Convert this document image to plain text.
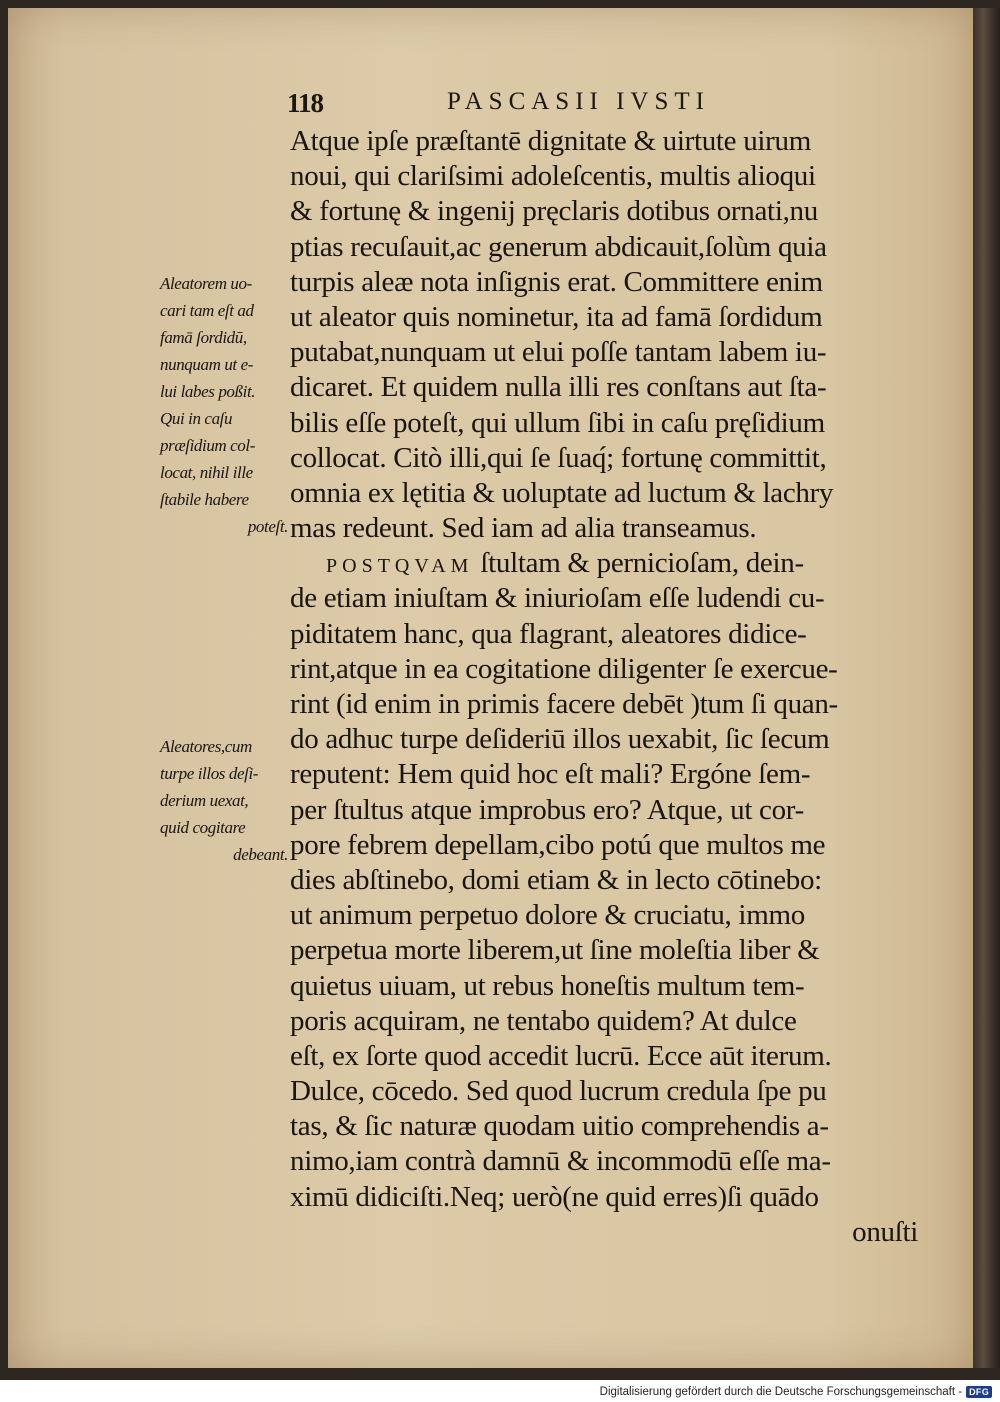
118	PASCASII IVSTI
Aleatorem uo-
cari tam eſt ad
famā ſordidū,
nunquam ut e-
lui labes poßit.
Qui in caſu
præſidium col-
locat, nihil ille
ſtabile habere
poteſt.
Aleatores,cum
turpe illos deſi-
derium uexat,
quid cogitare
debeant.
Atque ipſe præſtantē dignitate & uirtute uirum
noui, qui clariſsimi adoleſcentis, multis alioqui
& fortunę & ingenij pręclaris dotibus ornati,nu
ptias recuſauit,ac generum abdicauit,ſolùm quia
turpis aleæ nota inſignis erat. Committere enim
ut aleator quis nominetur, ita ad famā ſordidum
putabat,nunquam ut elui poſſe tantam labem iu-
dicaret. Et quidem nulla illi res conſtans aut ſta-
bilis eſſe poteſt, qui ullum ſibi in caſu pręſidium
collocat. Citò illi,qui ſe ſuaq́; fortunę committit,
omnia ex lętitia & uoluptate ad luctum & lachry
mas redeunt. Sed iam ad alia transeamus.
POSTQVAM ſtultam & pernicioſam, dein-
de etiam iniuſtam & iniurioſam eſſe ludendi cu-
piditatem hanc, qua flagrant, aleatores didice-
rint,atque in ea cogitatione diligenter ſe exercue-
rint (id enim in primis facere debēt )tum ſi quan-
do adhuc turpe deſideriū illos uexabit, ſic ſecum
reputent: Hem quid hoc eſt mali? Ergóne ſem-
per ſtultus atque improbus ero? Atque, ut cor-
pore febrem depellam,cibo potú que multos me
dies abſtinebo, domi etiam & in lecto cōtinebo:
ut animum perpetuo dolore & cruciatu, immo
perpetua morte liberem,ut ſine moleſtia liber &
quietus uiuam, ut rebus honeſtis multum tem-
poris acquiram, ne tentabo quidem? At dulce
eſt, ex ſorte quod accedit lucrū. Ecce aūt iterum.
Dulce, cōcedo. Sed quod lucrum credula ſpe pu
tas, & ſic naturæ quodam uitio comprehendis a-
nimo,iam contrà damnū & incommodū eſſe ma-
ximū didiciſti.Neq; uerò(ne quid erres)ſi quādo
onuſti
Digitalisierung gefördert durch die Deutsche Forschungsgemeinschaft - DFG
